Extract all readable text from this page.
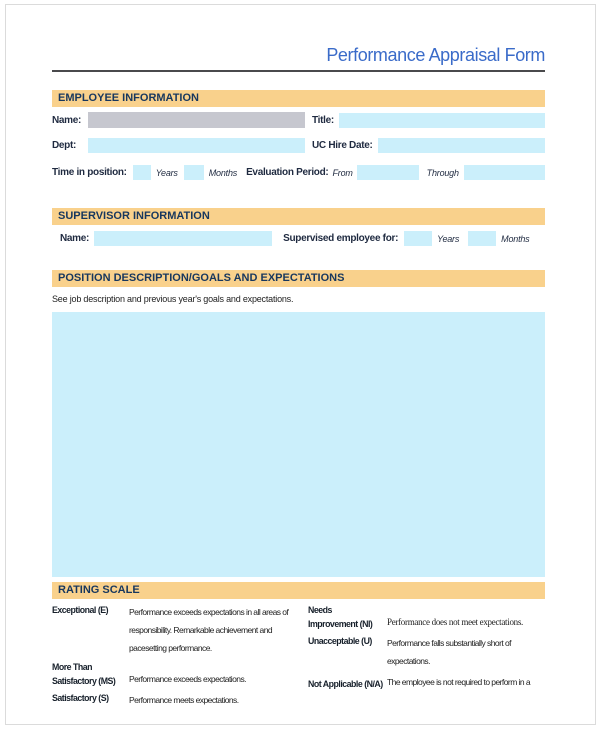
Performance Appraisal Form
EMPLOYEE INFORMATION
Name:	Title:
Dept:	UC Hire Date:
Time in position:	Years	Months Evaluation Period: From	Through
SUPERVISOR INFORMATION
Name:	Supervised employee for:	Years	Months
POSITION DESCRIPTION/GOALS AND EXPECTATIONS
See job description and previous year's goals and expectations.
RATING SCALE
Exceptional (E)	Performance exceeds expectations in all areas of responsibility. Remarkable achievement and pacesetting performance.
More Than Satisfactory (MS)	Performance exceeds expectations.
Satisfactory (S)	Performance meets expectations.
Needs Improvement (NI)	Performance does not meet expectations.
Unacceptable (U)	Performance falls substantially short of expectations.
Not Applicable (N/A) The employee is not required to perform in a
